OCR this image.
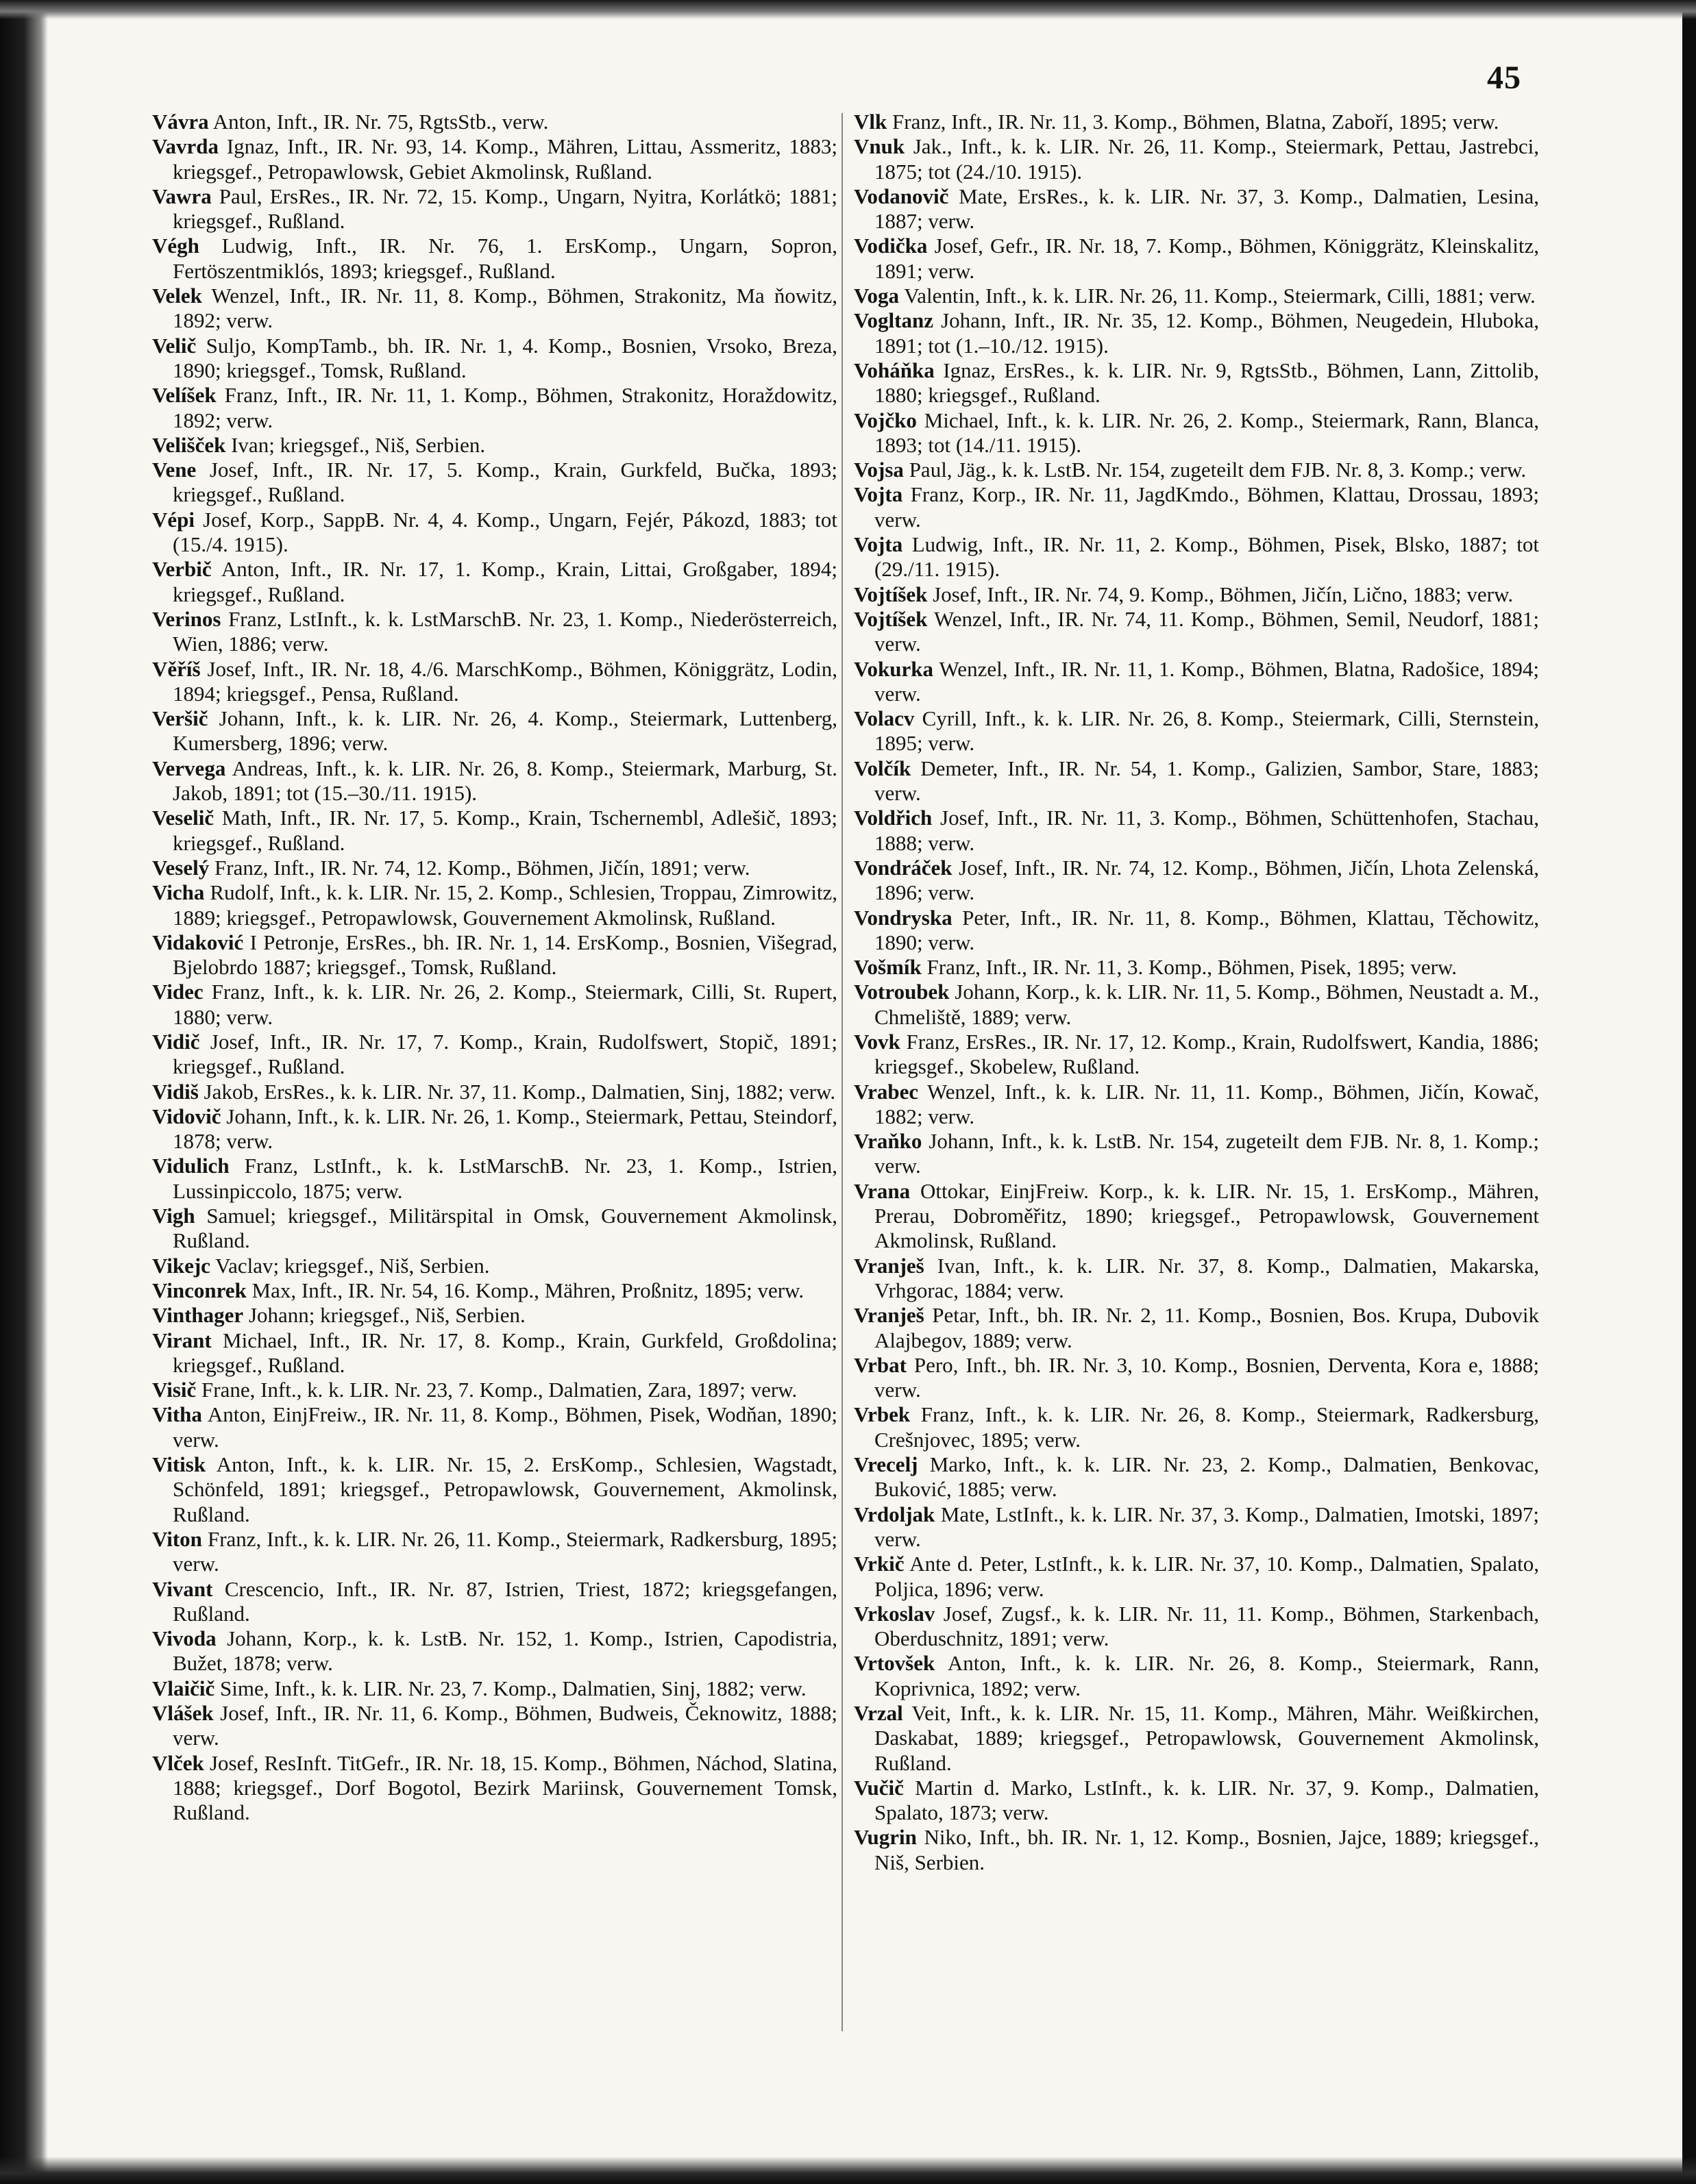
45

Vávra Anton, Inft., IR. Nr. 75, RgtsStb., verw.

Vavrda Ignaz, Inft., IR. Nr. 93, 14. Komp., Mähren, Littau, Assmeritz, 1883; kriegsgef., Petropawlowsk, Gebiet Akmolinsk, Rußland.

Vawra Paul, ErsRes., IR. Nr. 72, 15. Komp., Ungarn, Nyitra, Korlátkö; 1881; kriegsgef., Rußland.

Végh Ludwig, Inft., IR. Nr. 76, 1. ErsKomp., Ungarn, Sopron, Fertöszentmiklós, 1893; kriegsgef., Rußland.

Velek Wenzel, Inft., IR. Nr. 11, 8. Komp., Böhmen, Strakonitz, Ma ňowitz, 1892; verw.

Velič Suljo, KompTamb., bh. IR. Nr. 1, 4. Komp., Bosnien, Vrsoko, Breza, 1890; kriegsgef., Tomsk, Rußland.

Velíšek Franz, Inft., IR. Nr. 11, 1. Komp., Böhmen, Strakonitz, Horaždowitz, 1892; verw.

Velišček Ivan; kriegsgef., Niš, Serbien.

Vene Josef, Inft., IR. Nr. 17, 5. Komp., Krain, Gurkfeld, Bučka, 1893; kriegsgef., Rußland.

Vépi Josef, Korp., SappB. Nr. 4, 4. Komp., Ungarn, Fejér, Pákozd, 1883; tot (15./4. 1915).

Verbič Anton, Inft., IR. Nr. 17, 1. Komp., Krain, Littai, Großgaber, 1894; kriegsgef., Rußland.

Verinos Franz, LstInft., k. k. LstMarschB. Nr. 23, 1. Komp., Niederösterreich, Wien, 1886; verw.

Věříš Josef, Inft., IR. Nr. 18, 4./6. MarschKomp., Böhmen, Königgrätz, Lodin, 1894; kriegsgef., Pensa, Rußland.

Veršič Johann, Inft., k. k. LIR. Nr. 26, 4. Komp., Steiermark, Luttenberg, Kumersberg, 1896; verw.

Vervega Andreas, Inft., k. k. LIR. Nr. 26, 8. Komp., Steiermark, Marburg, St. Jakob, 1891; tot (15.–30./11. 1915).

Veselič Math, Inft., IR. Nr. 17, 5. Komp., Krain, Tschernembl, Adlešič, 1893; kriegsgef., Rußland.

Veselý Franz, Inft., IR. Nr. 74, 12. Komp., Böhmen, Jičín, 1891; verw.

Vicha Rudolf, Inft., k. k. LIR. Nr. 15, 2. Komp., Schlesien, Troppau, Zimrowitz, 1889; kriegsgef., Petropawlowsk, Gouvernement Akmolinsk, Rußland.

Vidaković I Petronje, ErsRes., bh. IR. Nr. 1, 14. ErsKomp., Bosnien, Višegrad, Bjelobrdo 1887; kriegsgef., Tomsk, Rußland.

Videc Franz, Inft., k. k. LIR. Nr. 26, 2. Komp., Steiermark, Cilli, St. Rupert, 1880; verw.

Vidič Josef, Inft., IR. Nr. 17, 7. Komp., Krain, Rudolfswert, Stopič, 1891; kriegsgef., Rußland.

Vidiš Jakob, ErsRes., k. k. LIR. Nr. 37, 11. Komp., Dalmatien, Sinj, 1882; verw.

Vidovič Johann, Inft., k. k. LIR. Nr. 26, 1. Komp., Steiermark, Pettau, Steindorf, 1878; verw.

Vidulich Franz, LstInft., k. k. LstMarschB. Nr. 23, 1. Komp., Istrien, Lussinpiccolo, 1875; verw.

Vigh Samuel; kriegsgef., Militärspital in Omsk, Gouvernement Akmolinsk, Rußland.

Vikejc Vaclav; kriegsgef., Niš, Serbien.

Vinconrek Max, Inft., IR. Nr. 54, 16. Komp., Mähren, Proßnitz, 1895; verw.

Vinthager Johann; kriegsgef., Niš, Serbien.

Virant Michael, Inft., IR. Nr. 17, 8. Komp., Krain, Gurkfeld, Großdolina; kriegsgef., Rußland.

Visič Frane, Inft., k. k. LIR. Nr. 23, 7. Komp., Dalmatien, Zara, 1897; verw.

Vitha Anton, EinjFreiw., IR. Nr. 11, 8. Komp., Böhmen, Pisek, Wodňan, 1890; verw.

Vitisk Anton, Inft., k. k. LIR. Nr. 15, 2. ErsKomp., Schlesien, Wagstadt, Schönfeld, 1891; kriegsgef., Petropawlowsk, Gouvernement, Akmolinsk, Rußland.

Viton Franz, Inft., k. k. LIR. Nr. 26, 11. Komp., Steiermark, Radkersburg, 1895; verw.

Vivant Crescencio, Inft., IR. Nr. 87, Istrien, Triest, 1872; kriegsgefangen, Rußland.

Vivoda Johann, Korp., k. k. LstB. Nr. 152, 1. Komp., Istrien, Capodistria, Bužet, 1878; verw.

Vlaičič Sime, Inft., k. k. LIR. Nr. 23, 7. Komp., Dalmatien, Sinj, 1882; verw.

Vlášek Josef, Inft., IR. Nr. 11, 6. Komp., Böhmen, Budweis, Čeknowitz, 1888; verw.

Vlček Josef, ResInft. TitGefr., IR. Nr. 18, 15. Komp., Böhmen, Náchod, Slatina, 1888; kriegsgef., Dorf Bogotol, Bezirk Mariinsk, Gouvernement Tomsk, Rußland.

Vlk Franz, Inft., IR. Nr. 11, 3. Komp., Böhmen, Blatna, Zaboří, 1895; verw.

Vnuk Jak., Inft., k. k. LIR. Nr. 26, 11. Komp., Steiermark, Pettau, Jastrebci, 1875; tot (24./10. 1915).

Vodanovič Mate, ErsRes., k. k. LIR. Nr. 37, 3. Komp., Dalmatien, Lesina, 1887; verw.

Vodička Josef, Gefr., IR. Nr. 18, 7. Komp., Böhmen, Königgrätz, Kleinskalitz, 1891; verw.

Voga Valentin, Inft., k. k. LIR. Nr. 26, 11. Komp., Steiermark, Cilli, 1881; verw.

Vogltanz Johann, Inft., IR. Nr. 35, 12. Komp., Böhmen, Neugedein, Hluboka, 1891; tot (1.–10./12. 1915).

Voháňka Ignaz, ErsRes., k. k. LIR. Nr. 9, RgtsStb., Böhmen, Lann, Zittolib, 1880; kriegsgef., Rußland.

Vojčko Michael, Inft., k. k. LIR. Nr. 26, 2. Komp., Steiermark, Rann, Blanca, 1893; tot (14./11. 1915).

Vojsa Paul, Jäg., k. k. LstB. Nr. 154, zugeteilt dem FJB. Nr. 8, 3. Komp.; verw.

Vojta Franz, Korp., IR. Nr. 11, JagdKmdo., Böhmen, Klattau, Drossau, 1893; verw.

Vojta Ludwig, Inft., IR. Nr. 11, 2. Komp., Böhmen, Pisek, Blsko, 1887; tot (29./11. 1915).

Vojtíšek Josef, Inft., IR. Nr. 74, 9. Komp., Böhmen, Jičín, Lično, 1883; verw.

Vojtíšek Wenzel, Inft., IR. Nr. 74, 11. Komp., Böhmen, Semil, Neudorf, 1881; verw.

Vokurka Wenzel, Inft., IR. Nr. 11, 1. Komp., Böhmen, Blatna, Radošice, 1894; verw.

Volacv Cyrill, Inft., k. k. LIR. Nr. 26, 8. Komp., Steiermark, Cilli, Sternstein, 1895; verw.

Volčík Demeter, Inft., IR. Nr. 54, 1. Komp., Galizien, Sambor, Stare, 1883; verw.

Voldřich Josef, Inft., IR. Nr. 11, 3. Komp., Böhmen, Schüttenhofen, Stachau, 1888; verw.

Vondráček Josef, Inft., IR. Nr. 74, 12. Komp., Böhmen, Jičín, Lhota Zelenská, 1896; verw.

Vondryska Peter, Inft., IR. Nr. 11, 8. Komp., Böhmen, Klattau, Těchowitz, 1890; verw.

Vošmík Franz, Inft., IR. Nr. 11, 3. Komp., Böhmen, Pisek, 1895; verw.

Votroubek Johann, Korp., k. k. LIR. Nr. 11, 5. Komp., Böhmen, Neustadt a. M., Chmeliště, 1889; verw.

Vovk Franz, ErsRes., IR. Nr. 17, 12. Komp., Krain, Rudolfswert, Kandia, 1886; kriegsgef., Skobelew, Rußland.

Vrabec Wenzel, Inft., k. k. LIR. Nr. 11, 11. Komp., Böhmen, Jičín, Kowač, 1882; verw.

Vraňko Johann, Inft., k. k. LstB. Nr. 154, zugeteilt dem FJB. Nr. 8, 1. Komp.; verw.

Vrana Ottokar, EinjFreiw. Korp., k. k. LIR. Nr. 15, 1. ErsKomp., Mähren, Prerau, Dobroměřitz, 1890; kriegsgef., Petropawlowsk, Gouvernement Akmolinsk, Rußland.

Vranješ Ivan, Inft., k. k. LIR. Nr. 37, 8. Komp., Dalmatien, Makarska, Vrhgorac, 1884; verw.

Vranješ Petar, Inft., bh. IR. Nr. 2, 11. Komp., Bosnien, Bos. Krupa, Dubovik Alajbegov, 1889; verw.

Vrbat Pero, Inft., bh. IR. Nr. 3, 10. Komp., Bosnien, Derventa, Kora e, 1888; verw.

Vrbek Franz, Inft., k. k. LIR. Nr. 26, 8. Komp., Steiermark, Radkersburg, Crešnjovec, 1895; verw.

Vrecelj Marko, Inft., k. k. LIR. Nr. 23, 2. Komp., Dalmatien, Benkovac, Buković, 1885; verw.

Vrdoljak Mate, LstInft., k. k. LIR. Nr. 37, 3. Komp., Dalmatien, Imotski, 1897; verw.

Vrkič Ante d. Peter, LstInft., k. k. LIR. Nr. 37, 10. Komp., Dalmatien, Spalato, Poljica, 1896; verw.

Vrkoslav Josef, Zugsf., k. k. LIR. Nr. 11, 11. Komp., Böhmen, Starkenbach, Oberduschnitz, 1891; verw.

Vrtovšek Anton, Inft., k. k. LIR. Nr. 26, 8. Komp., Steiermark, Rann, Koprivnica, 1892; verw.

Vrzal Veit, Inft., k. k. LIR. Nr. 15, 11. Komp., Mähren, Mähr. Weißkirchen, Daskabat, 1889; kriegsgef., Petropawlowsk, Gouvernement Akmolinsk, Rußland.

Vučič Martin d. Marko, LstInft., k. k. LIR. Nr. 37, 9. Komp., Dalmatien, Spalato, 1873; verw.

Vugrin Niko, Inft., bh. IR. Nr. 1, 12. Komp., Bosnien, Jajce, 1889; kriegsgef., Niš, Serbien.
